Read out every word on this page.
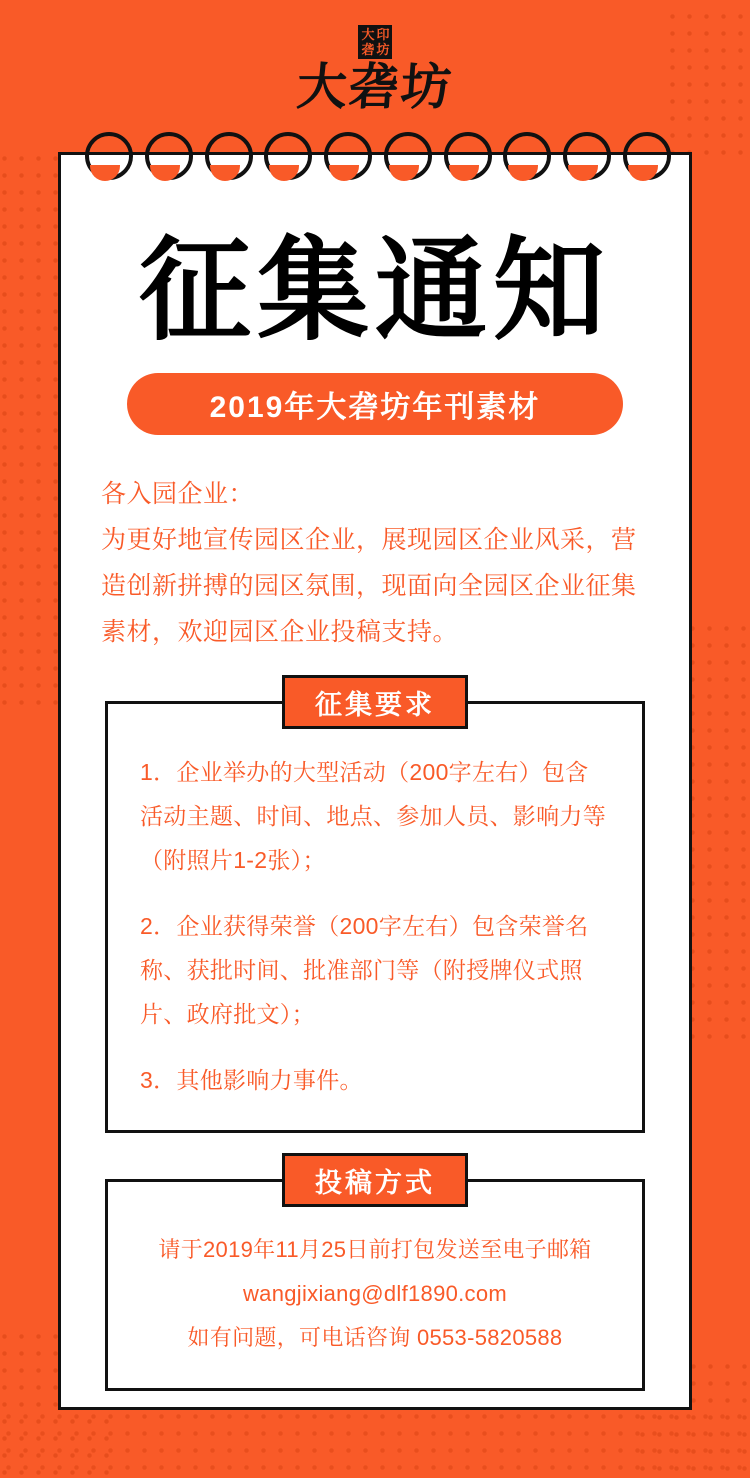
大 印
砻 坊
大砻坊
征集通知
2019年大砻坊年刊素材
各入园企业：
为更好地宣传园区企业，展现园区企业风采，营造创新拼搏的园区氛围，现面向全园区企业征集素材，欢迎园区企业投稿支持。
征集要求
1．企业举办的大型活动（200字左右）包含活动主题、时间、地点、参加人员、影响力等（附照片1-2张）；
2．企业获得荣誉（200字左右）包含荣誉名称、获批时间、批准部门等（附授牌仪式照片、政府批文）；
3．其他影响力事件。
投稿方式
请于2019年11月25日前打包发送至电子邮箱
wangjixiang@dlf1890.com
如有问题，可电话咨询 0553-5820588
